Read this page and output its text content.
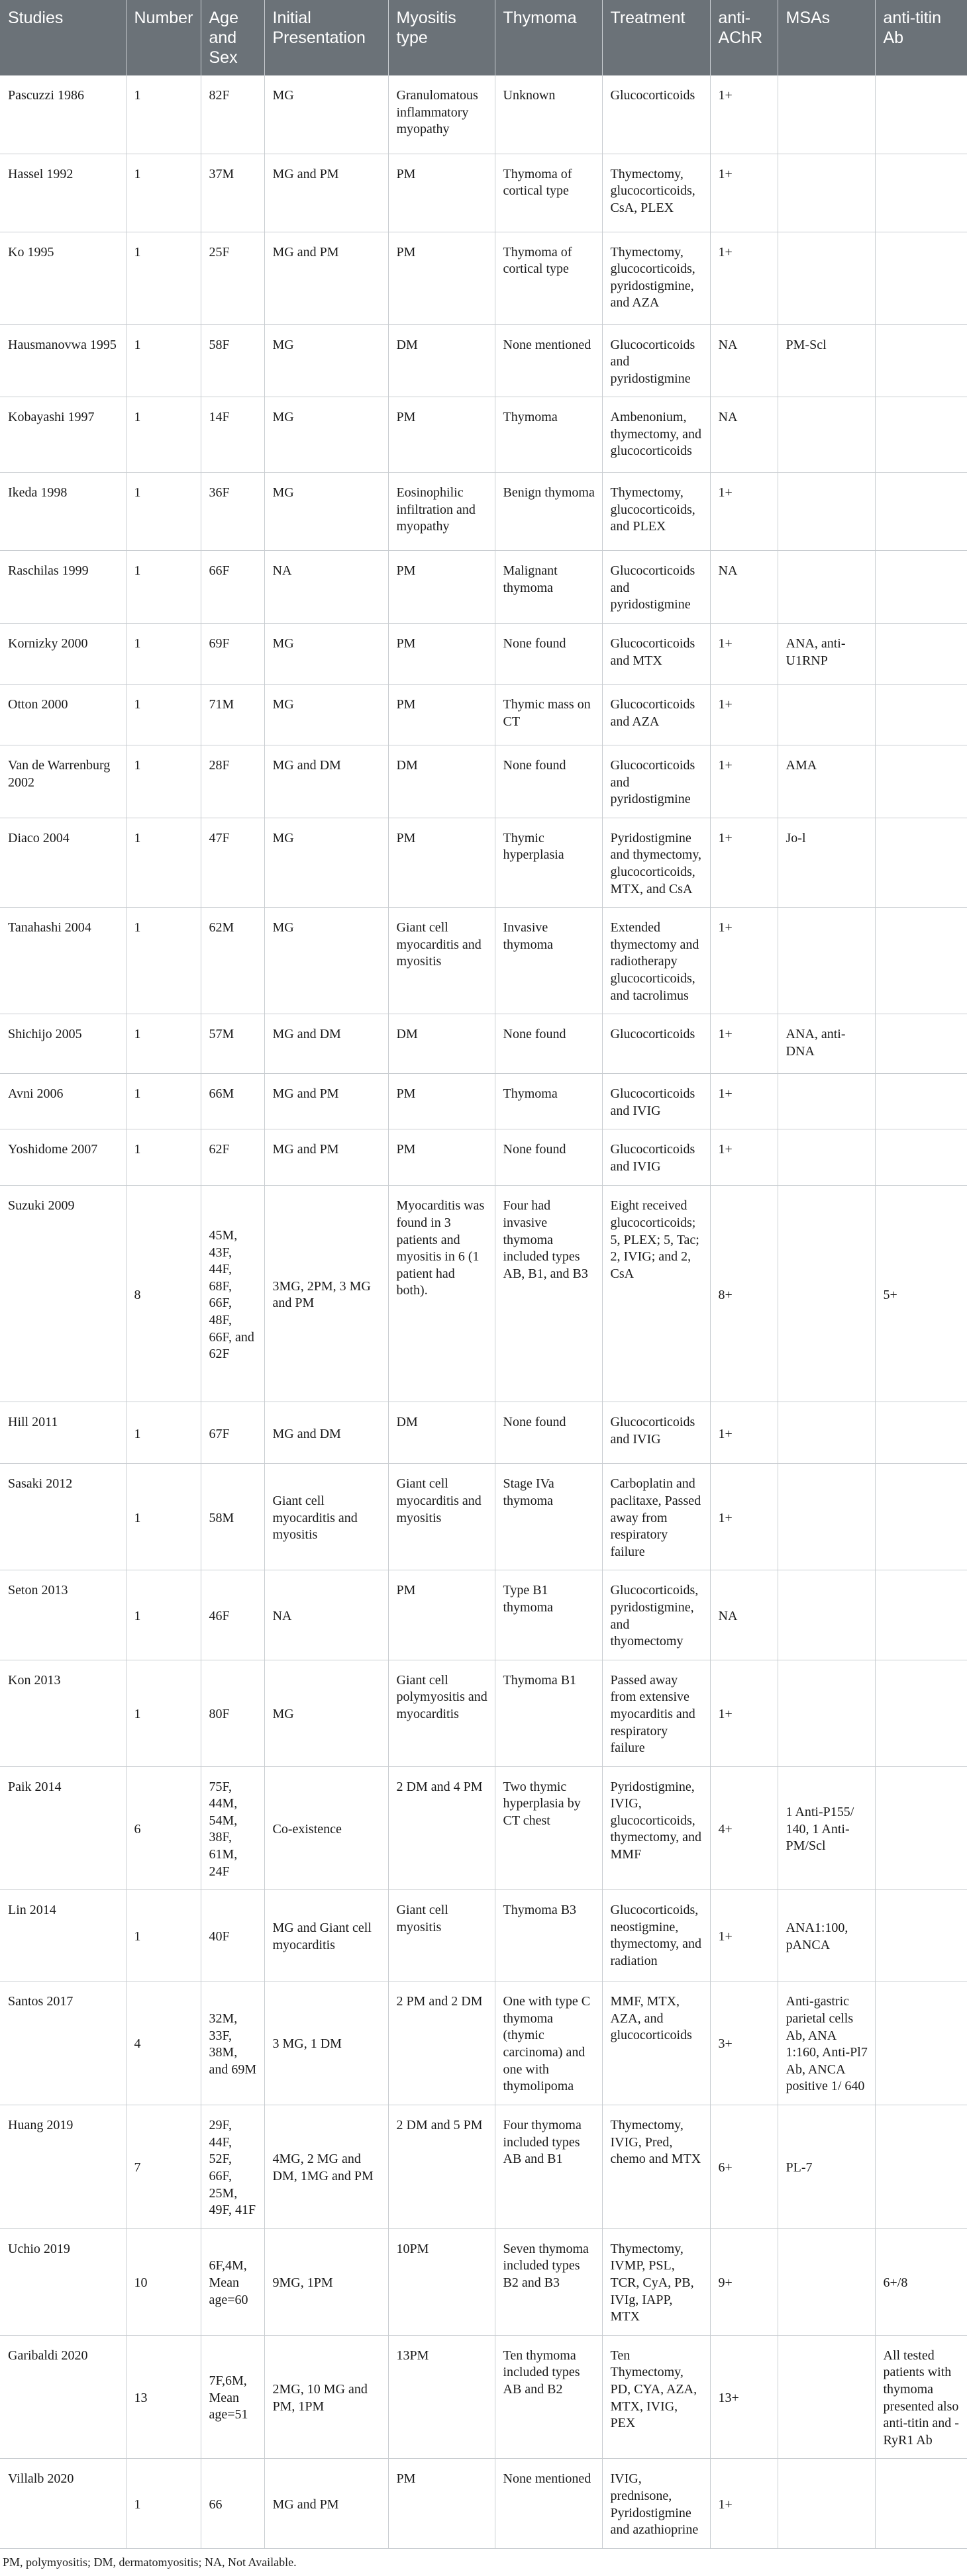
Studies	Number	Age and Sex	Initial Presentation	Myositis type	Thymoma	Treatment	anti-AChR	MSAs	anti-titin Ab
Pascuzzi 1986	1	82F	MG	Granulomatous inflammatory myopathy	Unknown	Glucocorticoids	1+		
Hassel 1992	1	37M	MG and PM	PM	Thymoma of cortical type	Thymectomy, glucocorticoids, CsA, PLEX	1+		
Ko 1995	1	25F	MG and PM	PM	Thymoma of cortical type	Thymectomy, glucocorticoids, pyridostigmine, and AZA	1+		
Hausmanovwa 1995	1	58F	MG	DM	None mentioned	Glucocorticoids and pyridostigmine	NA	PM-Scl	
Kobayashi 1997	1	14F	MG	PM	Thymoma	Ambenonium, thymectomy, and glucocorticoids	NA		
Ikeda 1998	1	36F	MG	Eosinophilic infiltration and myopathy	Benign thymoma	Thymectomy, glucocorticoids, and PLEX	1+		
Raschilas 1999	1	66F	NA	PM	Malignant thymoma	Glucocorticoids and pyridostigmine	NA		
Kornizky 2000	1	69F	MG	PM	None found	Glucocorticoids and MTX	1+	ANA, anti-U1RNP	
Otton 2000	1	71M	MG	PM	Thymic mass on CT	Glucocorticoids and AZA	1+		
Van de Warrenburg 2002	1	28F	MG and DM	DM	None found	Glucocorticoids and pyridostigmine	1+	AMA	
Diaco 2004	1	47F	MG	PM	Thymic hyperplasia	Pyridostigmine and thymectomy, glucocorticoids, MTX, and CsA	1+	Jo-l	
Tanahashi 2004	1	62M	MG	Giant cell myocarditis and myositis	Invasive thymoma	Extended thymectomy and radiotherapy glucocorticoids, and tacrolimus	1+		
Shichijo 2005	1	57M	MG and DM	DM	None found	Glucocorticoids	1+	ANA, anti-DNA	
Avni 2006	1	66M	MG and PM	PM	Thymoma	Glucocorticoids and IVIG	1+		
Yoshidome 2007	1	62F	MG and PM	PM	None found	Glucocorticoids and IVIG	1+		
Suzuki 2009	8	45M, 43F, 44F, 68F, 66F, 48F, 66F, and 62F	3MG, 2PM, 3 MG and PM	Myocarditis was found in 3 patients and myositis in 6 (1 patient had both).	Four had invasive thymoma included types AB, B1, and B3	Eight received glucocorticoids; 5, PLEX; 5, Tac; 2, IVIG; and 2, CsA	8+		5+
Hill 2011	1	67F	MG and DM	DM	None found	Glucocorticoids and IVIG	1+		
Sasaki 2012	1	58M	Giant cell myocarditis and myositis	Giant cell myocarditis and myositis	Stage IVa thymoma	Carboplatin and paclitaxe, Passed away from respiratory failure	1+		
Seton 2013	1	46F	NA	PM	Type B1 thymoma	Glucocorticoids, pyridostigmine, and thyomectomy	NA		
Kon 2013	1	80F	MG	Giant cell polymyositis and myocarditis	Thymoma B1	Passed away from extensive myocarditis and respiratory failure	1+		
Paik 2014	6	75F, 44M, 54M, 38F, 61M, 24F	Co-existence	2 DM and 4 PM	Two thymic hyperplasia by CT chest	Pyridostigmine, IVIG, glucocorticoids, thymectomy, and MMF	4+	1 Anti-P155/ 140, 1 Anti-PM/Scl	
Lin 2014	1	40F	MG and Giant cell myocarditis	Giant cell myositis	Thymoma B3	Glucocorticoids, neostigmine, thymectomy, and radiation	1+	ANA1:100, pANCA	
Santos 2017	4	32M, 33F, 38M, and 69M	3 MG, 1 DM	2 PM and 2 DM	One with type C thymoma (thymic carcinoma) and one with thymolipoma	MMF, MTX, AZA, and glucocorticoids	3+	Anti-gastric parietal cells Ab, ANA 1:160, Anti-Pl7 Ab, ANCA positive 1/ 640	
Huang 2019	7	29F, 44F, 52F, 66F, 25M, 49F, 41F	4MG, 2 MG and DM, 1MG and PM	2 DM and 5 PM	Four thymoma included types AB and B1	Thymectomy, IVIG, Pred, chemo and MTX	6+	PL-7	
Uchio 2019	10	6F,4M, Mean age=60	9MG, 1PM	10PM	Seven thymoma included types B2 and B3	Thymectomy, IVMP, PSL, TCR, CyA, PB, IVIg, IAPP, MTX	9+		6+/8
Garibaldi 2020	13	7F,6M, Mean age=51	2MG, 10 MG and PM, 1PM	13PM	Ten thymoma included types AB and B2	Ten Thymectomy, PD, CYA, AZA, MTX, IVIG, PEX	13+		All tested patients with thymoma presented also anti-titin and -RyR1 Ab
Villalb 2020	1	66	MG and PM	PM	None mentioned	IVIG, prednisone, Pyridostigmine and azathioprine	1+		
PM, polymyositis; DM, dermatomyositis; NA, Not Available.
